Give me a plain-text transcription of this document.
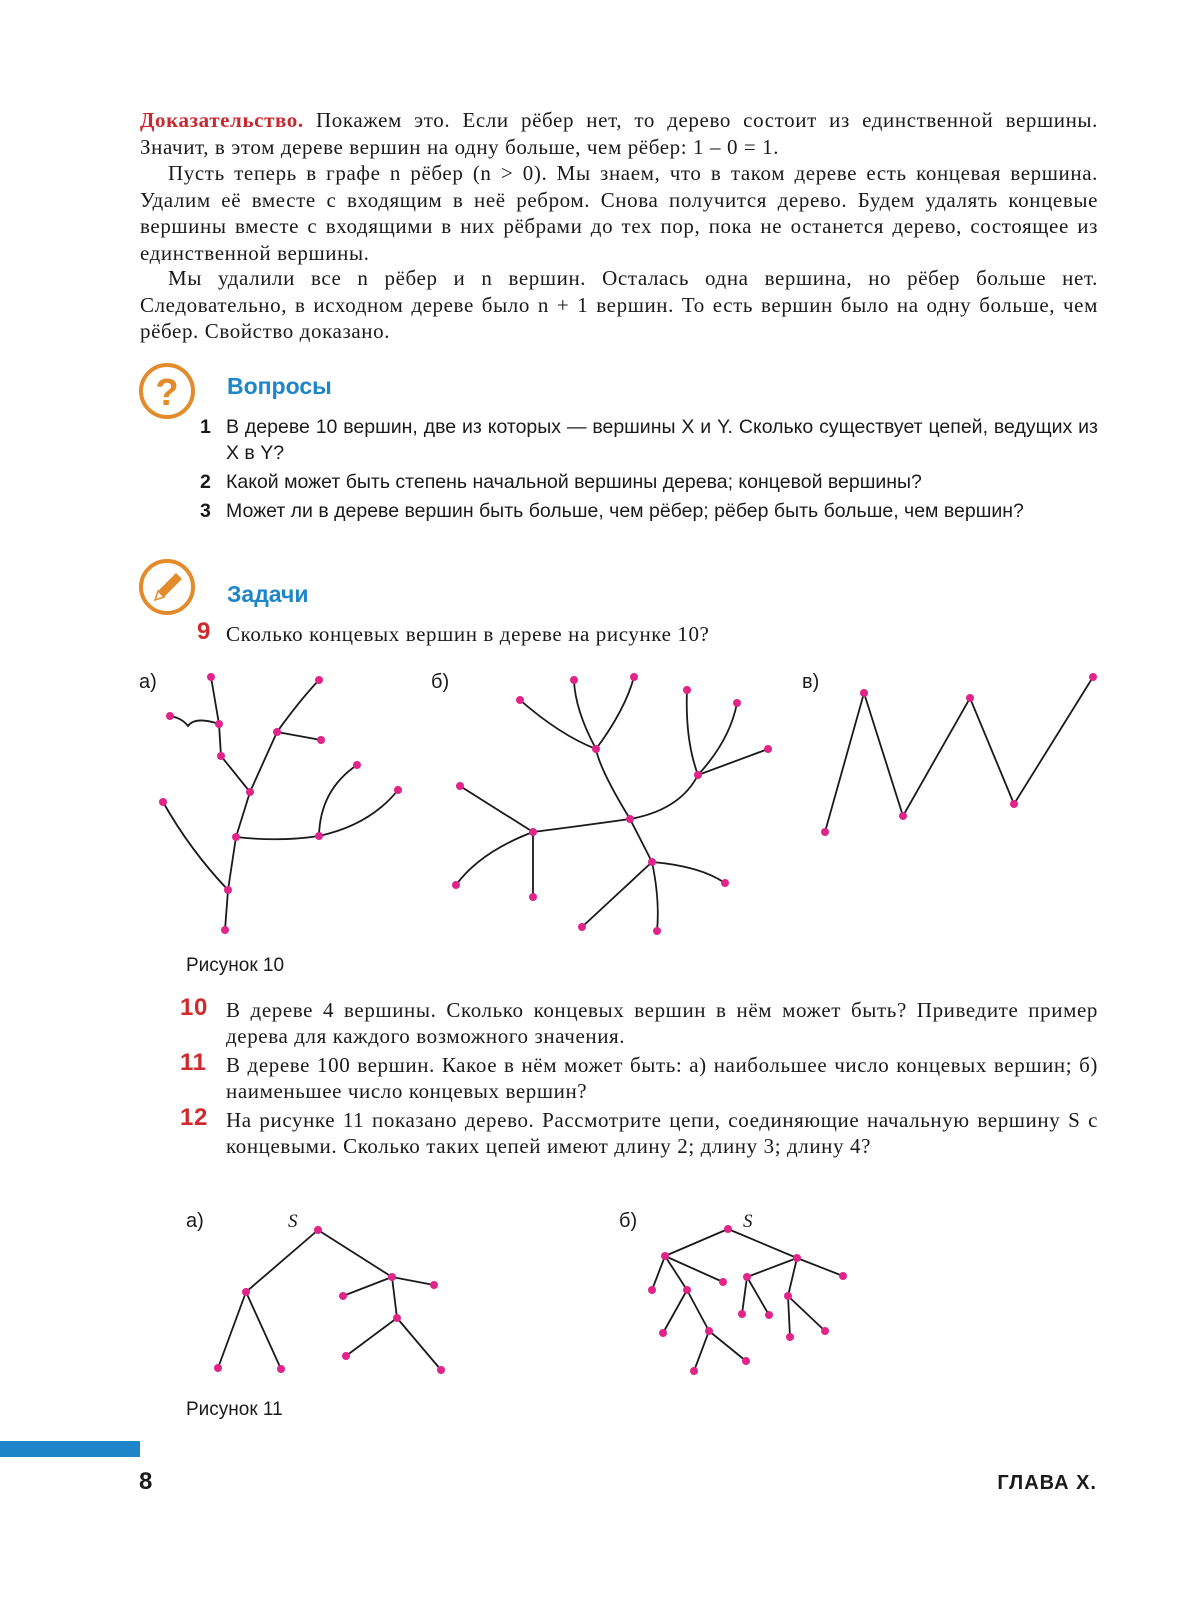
Доказательство. Покажем это. Если рёбер нет, то дерево состоит из единственной вершины. Значит, в этом дереве вершин на одну больше, чем рёбер: 1 – 0 = 1.
Пусть теперь в графе n рёбер (n > 0). Мы знаем, что в таком дереве есть концевая вершина. Удалим её вместе с входящим в неё ребром. Снова получится дерево. Будем удалять концевые вершины вместе с входящими в них рёбрами до тех пор, пока не останется дерево, состоящее из единственной вершины.
Мы удалили все n рёбер и n вершин. Осталась одна вершина, но рёбер больше нет. Следовательно, в исходном дереве было n + 1 вершин. То есть вершин было на одну больше, чем рёбер. Свойство доказано.
? Вопросы
1 В дереве 10 вершин, две из которых — вершины X и Y. Сколько существует цепей, ведущих из X в Y?
2 Какой может быть степень начальной вершины дерева; концевой вершины?
3 Может ли в дереве вершин быть больше, чем рёбер; рёбер быть больше, чем вершин?
Задачи
9 Сколько концевых вершин в дереве на рисунке 10?
а)	б)	в)
Рисунок 10
10 В дереве 4 вершины. Сколько концевых вершин в нём может быть? Приведите пример дерева для каждого возможного значения.
11 В дереве 100 вершин. Какое в нём может быть: а) наибольшее число концевых вершин; б) наименьшее число концевых вершин?
12 На рисунке 11 показано дерево. Рассмотрите цепи, соединяющие начальную вершину S с концевыми. Сколько таких цепей имеют длину 2; длину 3; длину 4?
а)	б)
S	S
Рисунок 11
8	ГЛАВА X.
